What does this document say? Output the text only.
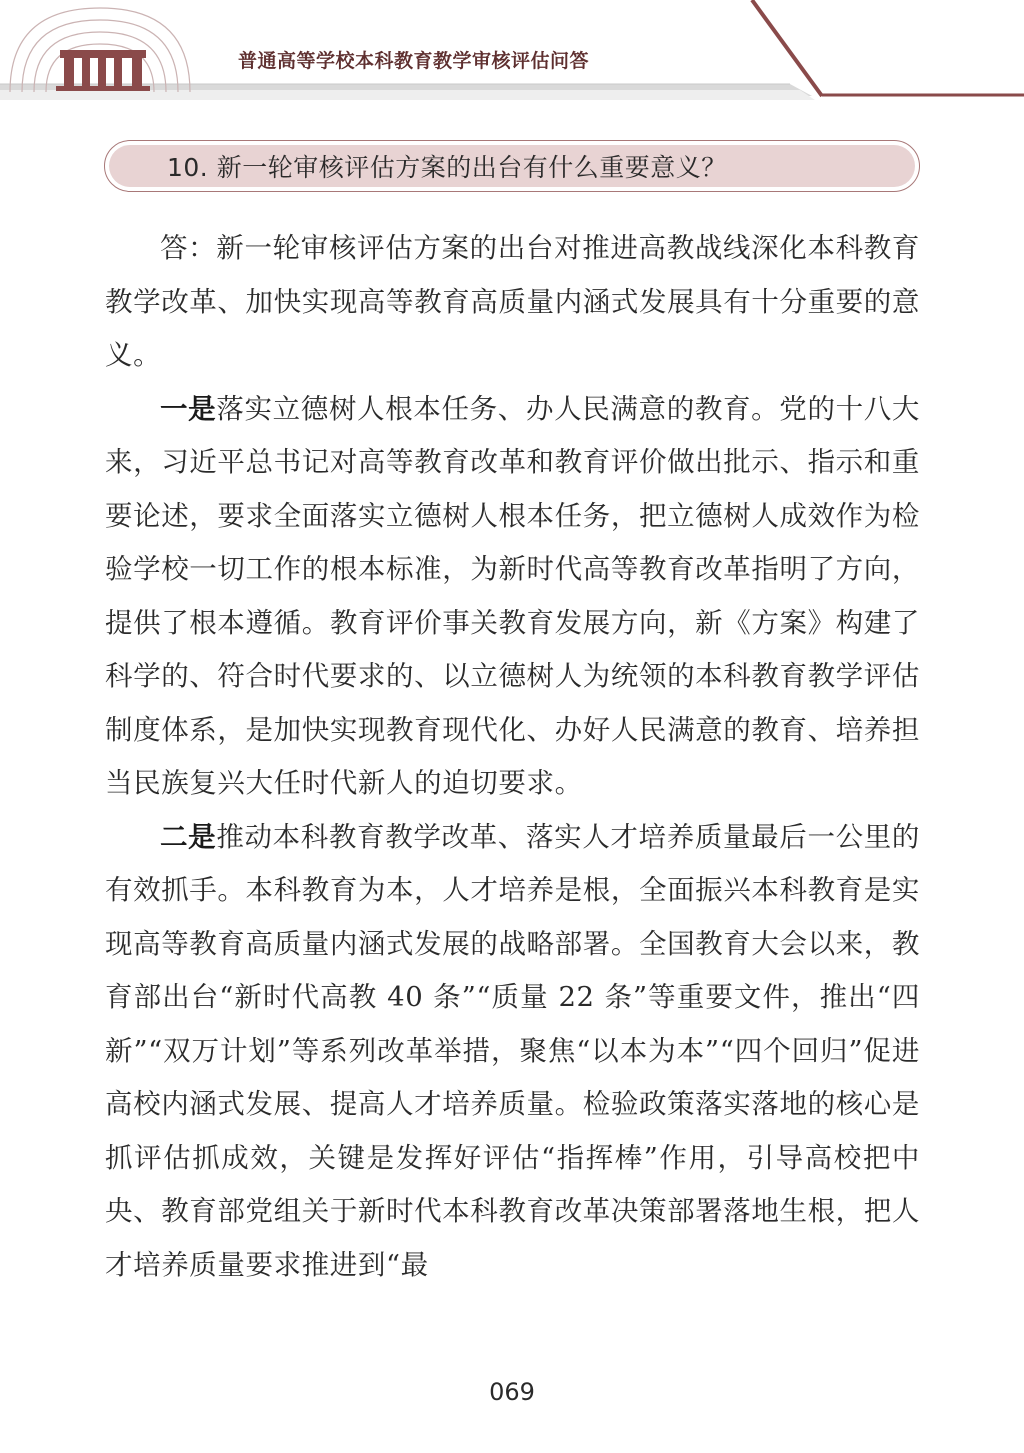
普通高等学校本科教育教学审核评估问答
10. 新一轮审核评估方案的出台有什么重要意义？

答：新一轮审核评估方案的出台对推进高教战线深化本科教育教学改革、加快实现高等教育高质量内涵式发展具有十分重要的意义。

一是落实立德树人根本任务、办人民满意的教育。党的十八大来，习近平总书记对高等教育改革和教育评价做出批示、指示和重要论述，要求全面落实立德树人根本任务，把立德树人成效作为检验学校一切工作的根本标准，为新时代高等教育改革指明了方向，提供了根本遵循。教育评价事关教育发展方向，新《方案》构建了科学的、符合时代要求的、以立德树人为统领的本科教育教学评估制度体系，是加快实现教育现代化、办好人民满意的教育、培养担当民族复兴大任时代新人的迫切要求。

二是推动本科教育教学改革、落实人才培养质量最后一公里的有效抓手。本科教育为本，人才培养是根，全面振兴本科教育是实现高等教育高质量内涵式发展的战略部署。全国教育大会以来，教育部出台“新时代高教 40 条”“质量 22 条”等重要文件，推出“四新”“双万计划”等系列改革举措，聚焦“以本为本”“四个回归”促进高校内涵式发展、提高人才培养质量。检验政策落实落地的核心是抓评估抓成效，关键是发挥好评估“指挥棒”作用，引导高校把中央、教育部党组关于新时代本科教育改革决策部署落地生根，把人才培养质量要求推进到“最

069
